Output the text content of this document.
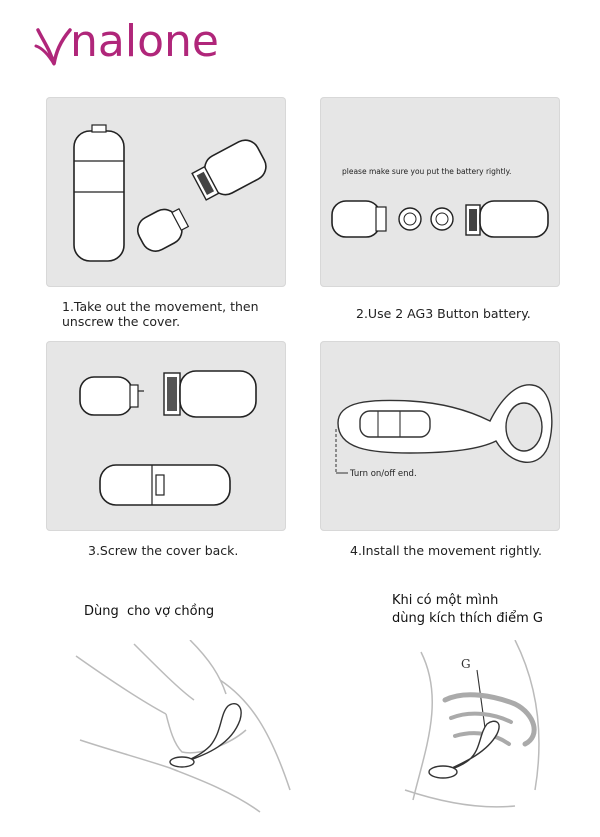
nalone
1.Take out the movement, then unscrew the cover.
please make sure you put the battery rightly.
2.Use 2 AG3 Button battery.
3.Screw the cover back.
Turn on/off end.
4.Install the movement rightly.
Dùng  cho vợ chồng
Khi có một mình
dùng kích thích điểm G
G
